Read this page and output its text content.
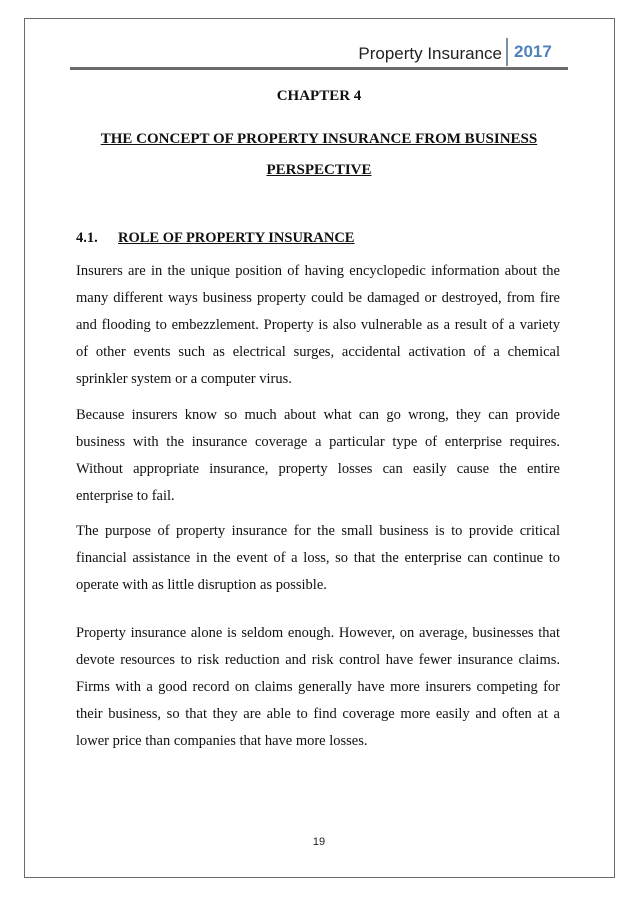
Property Insurance 2017
CHAPTER 4
THE CONCEPT OF PROPERTY INSURANCE FROM BUSINESS PERSPECTIVE
4.1. ROLE OF PROPERTY INSURANCE

Insurers are in the unique position of having encyclopedic information about the many different ways business property could be damaged or destroyed, from fire and flooding to embezzlement. Property is also vulnerable as a result of a variety of other events such as electrical surges, accidental activation of a chemical sprinkler system or a computer virus.

Because insurers know so much about what can go wrong, they can provide business with the insurance coverage a particular type of enterprise requires. Without appropriate insurance, property losses can easily cause the entire enterprise to fail.

The purpose of property insurance for the small business is to provide critical financial assistance in the event of a loss, so that the enterprise can continue to operate with as little disruption as possible.

Property insurance alone is seldom enough. However, on average, businesses that devote resources to risk reduction and risk control have fewer insurance claims. Firms with a good record on claims generally have more insurers competing for their business, so that they are able to find coverage more easily and often at a lower price than companies that have more losses.

19
